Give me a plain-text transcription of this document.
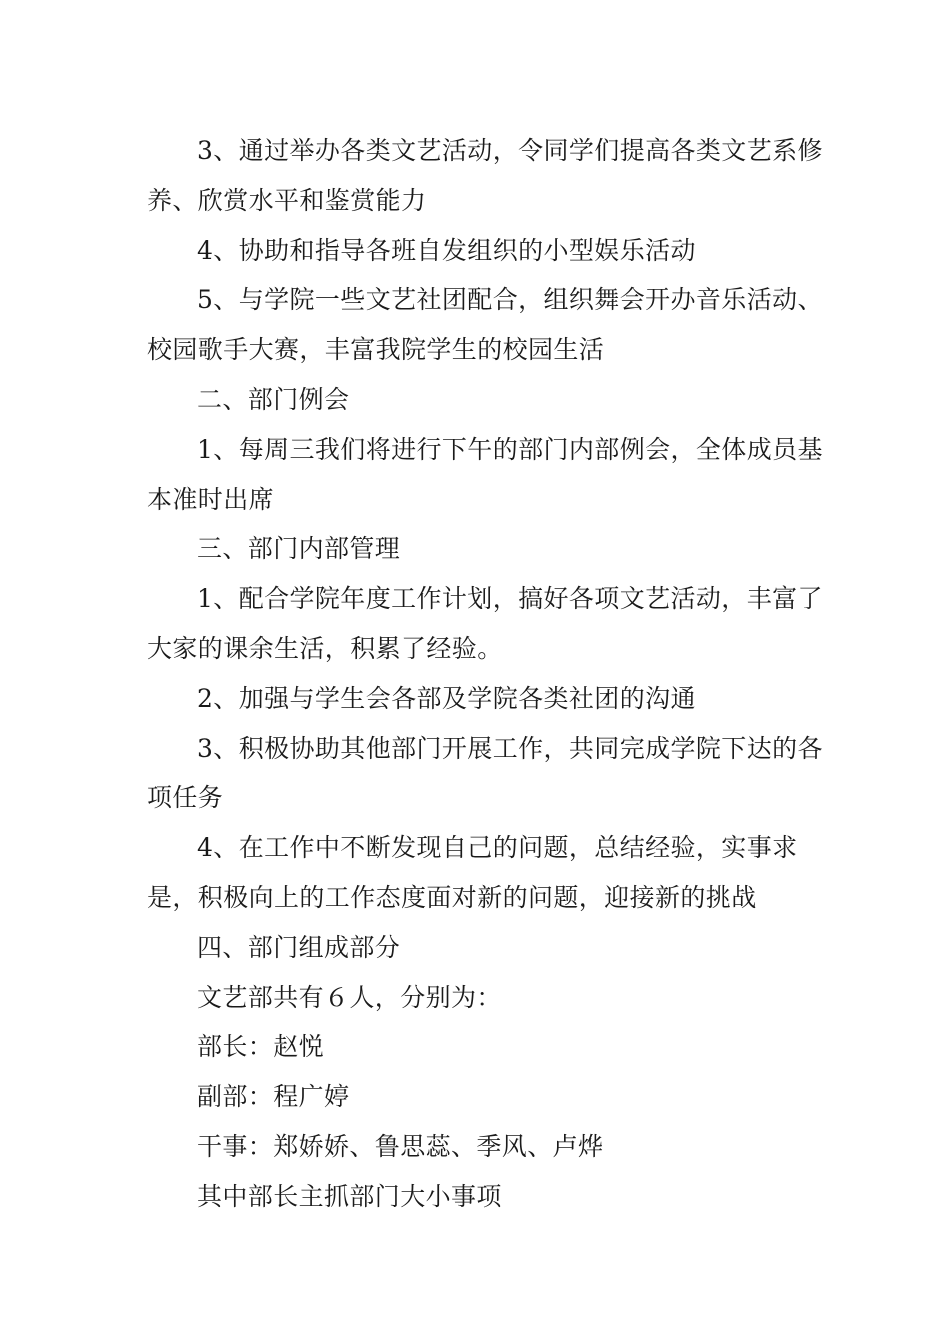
3、通过举办各类文艺活动，令同学们提高各类文艺系修养、欣赏水平和鉴赏能力

4、协助和指导各班自发组织的小型娱乐活动

5、与学院一些文艺社团配合，组织舞会开办音乐活动、校园歌手大赛，丰富我院学生的校园生活

二、部门例会

1、每周三我们将进行下午的部门内部例会，全体成员基本准时出席

三、部门内部管理

1、配合学院年度工作计划，搞好各项文艺活动，丰富了大家的课余生活，积累了经验。

2、加强与学生会各部及学院各类社团的沟通

3、积极协助其他部门开展工作，共同完成学院下达的各项任务

4、在工作中不断发现自己的问题，总结经验，实事求是，积极向上的工作态度面对新的问题，迎接新的挑战

四、部门组成部分

文艺部共有６人，分别为：

部长：赵悦

副部：程广婷

干事：郑娇娇、鲁思蕊、季风、卢烨

其中部长主抓部门大小事项
